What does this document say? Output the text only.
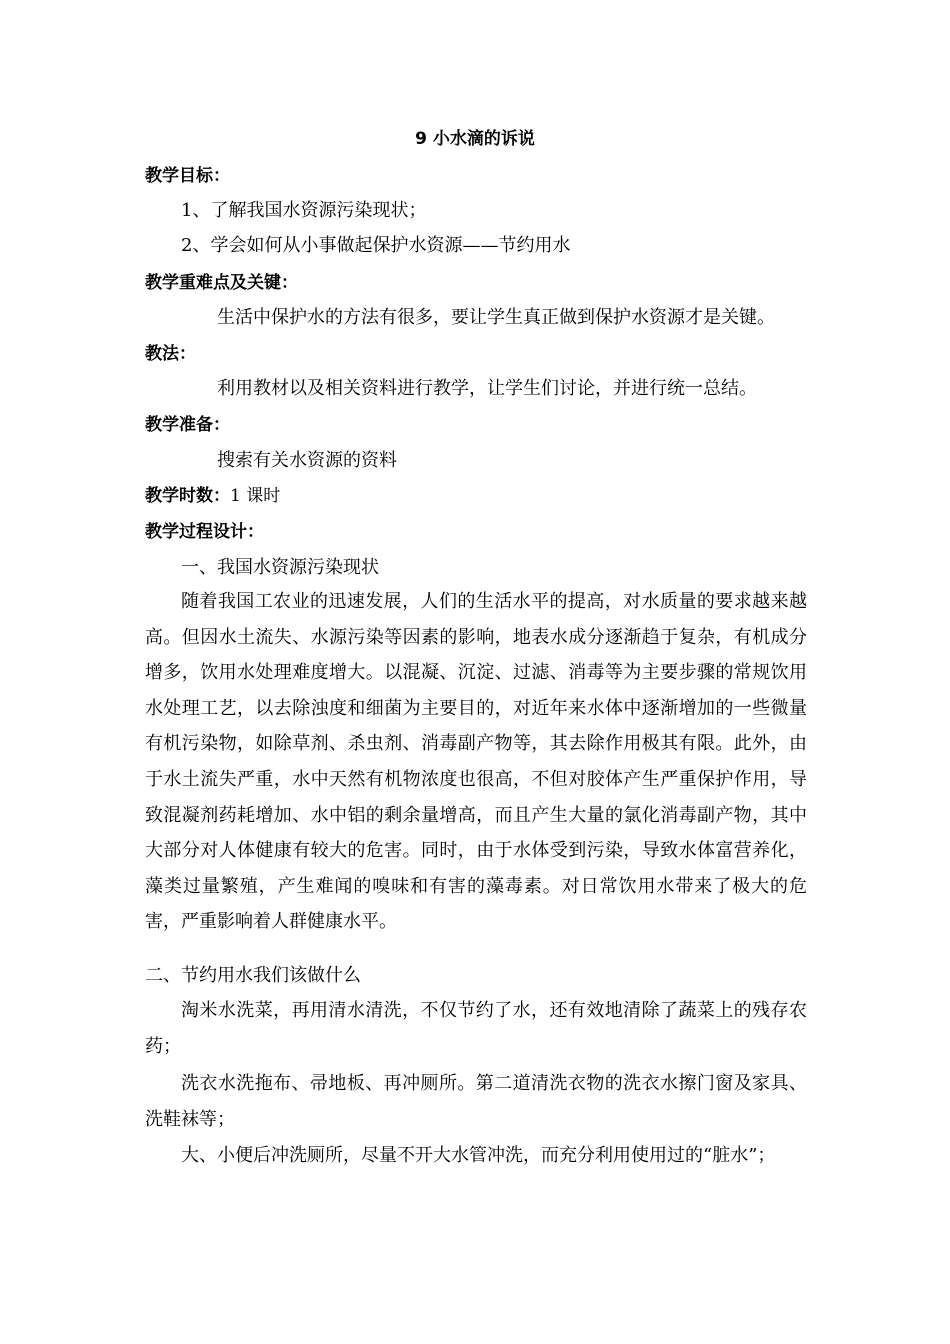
9 小水滴的诉说
教学目标：
1、了解我国水资源污染现状；
2、学会如何从小事做起保护水资源——节约用水
教学重难点及关键：
生活中保护水的方法有很多，要让学生真正做到保护水资源才是关键。
教法：
利用教材以及相关资料进行教学，让学生们讨论，并进行统一总结。
教学准备：
搜索有关水资源的资料
教学时数：1 课时
教学过程设计：
一、我国水资源污染现状
随着我国工农业的迅速发展，人们的生活水平的提高，对水质量的要求越来越高。但因水土流失、水源污染等因素的影响，地表水成分逐渐趋于复杂，有机成分增多，饮用水处理难度增大。以混凝、沉淀、过滤、消毒等为主要步骤的常规饮用水处理工艺，以去除浊度和细菌为主要目的，对近年来水体中逐渐增加的一些微量有机污染物，如除草剂、杀虫剂、消毒副产物等，其去除作用极其有限。此外，由于水土流失严重，水中天然有机物浓度也很高，不但对胶体产生严重保护作用，导致混凝剂药耗增加、水中铝的剩余量增高，而且产生大量的氯化消毒副产物，其中大部分对人体健康有较大的危害。同时，由于水体受到污染，导致水体富营养化，藻类过量繁殖，产生难闻的嗅味和有害的藻毒素。对日常饮用水带来了极大的危害，严重影响着人群健康水平。
二、节约用水我们该做什么
淘米水洗菜，再用清水清洗，不仅节约了水，还有效地清除了蔬菜上的残存农药；
洗衣水洗拖布、帚地板、再冲厕所。第二道清洗衣物的洗衣水擦门窗及家具、洗鞋袜等；
大、小便后冲洗厕所，尽量不开大水管冲洗，而充分利用使用过的“脏水”；
